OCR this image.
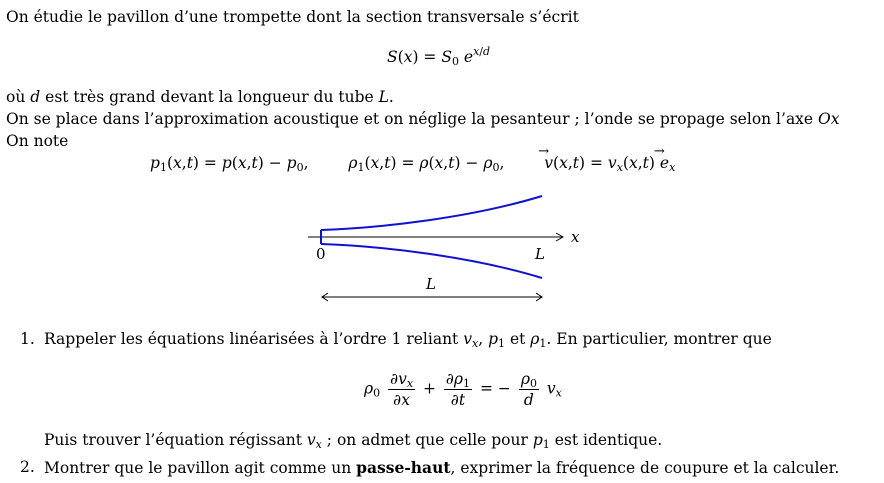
On étudie le pavillon d’une trompette dont la section transversale s’écrit
$S(x) = S_0$ $e^{x/d}$
où d est très grand devant la longueur du tube L.
On se place dans l’approximation acoustique et on néglige la pesanteur ; l’onde se propage selon l’axe Ox
On note
$p_1(x,t) = p(x,t) - p_0$,  $\rho_1(x,t) = \rho(x,t) - \rho_0$,  v
→
$(x,t) = v_x(x,t)$ e
→
$_x$
x
0	L
L
1. Rappeler les équations linéarisées à l’ordre 1 reliant $v_x$, $p_1$ et $\rho_1$. En particulier, montrer que
$\rho_0 \frac{\partial v_x}{\partial x} + \frac{\partial\rho_1}{\partial t}$ = − $\frac{\rho_0}{d} v_x$
Puis trouver l’équation régissant $v_x$ ; on admet que celle pour $p_1$ est identique.
2. Montrer que le pavillon agit comme un passe-haut, exprimer la fréquence de coupure et la calculer.
